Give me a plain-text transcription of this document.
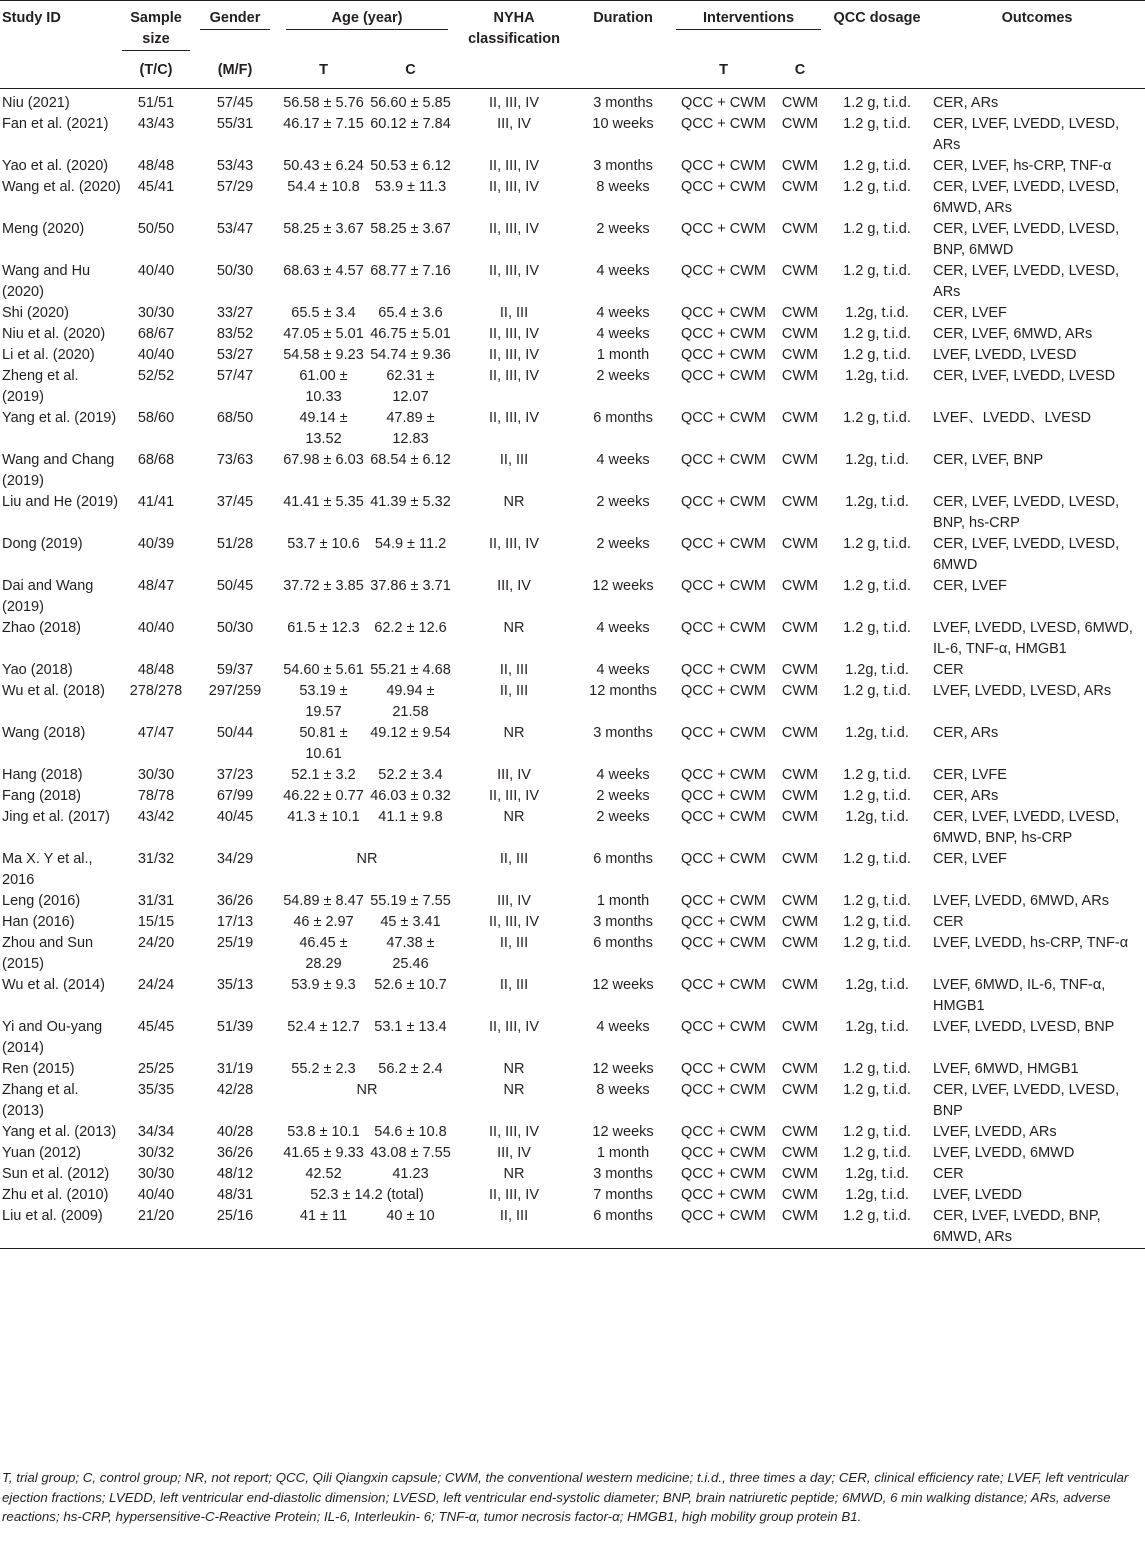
Study ID	Sample size	Gender	Age (year)		NYHA classification	Duration	Interventions		QCC dosage	Outcomes
	(T/C)	(M/F)	T	C			T	C		
Niu (2021)	51/51	57/45	56.58 ± 5.76	56.60 ± 5.85	II, III, IV	3 months	QCC + CWM	CWM	1.2 g, t.i.d.	CER, ARs
Fan et al. (2021)	43/43	55/31	46.17 ± 7.15	60.12 ± 7.84	III, IV	10 weeks	QCC + CWM	CWM	1.2 g, t.i.d.	CER, LVEF, LVEDD, LVESD, ARs
Yao et al. (2020)	48/48	53/43	50.43 ± 6.24	50.53 ± 6.12	II, III, IV	3 months	QCC + CWM	CWM	1.2 g, t.i.d.	CER, LVEF, hs-CRP, TNF-α
Wang et al. (2020)	45/41	57/29	54.4 ± 10.8	53.9 ± 11.3	II, III, IV	8 weeks	QCC + CWM	CWM	1.2 g, t.i.d.	CER, LVEF, LVEDD, LVESD, 6MWD, ARs
Meng (2020)	50/50	53/47	58.25 ± 3.67	58.25 ± 3.67	II, III, IV	2 weeks	QCC + CWM	CWM	1.2 g, t.i.d.	CER, LVEF, LVEDD, LVESD, BNP, 6MWD
Wang and Hu (2020)	40/40	50/30	68.63 ± 4.57	68.77 ± 7.16	II, III, IV	4 weeks	QCC + CWM	CWM	1.2 g, t.i.d.	CER, LVEF, LVEDD, LVESD, ARs
Shi (2020)	30/30	33/27	65.5 ± 3.4	65.4 ± 3.6	II, III	4 weeks	QCC + CWM	CWM	1.2g, t.i.d.	CER, LVEF
Niu et al. (2020)	68/67	83/52	47.05 ± 5.01	46.75 ± 5.01	II, III, IV	4 weeks	QCC + CWM	CWM	1.2 g, t.i.d.	CER, LVEF, 6MWD, ARs
Li et al. (2020)	40/40	53/27	54.58 ± 9.23	54.74 ± 9.36	II, III, IV	1 month	QCC + CWM	CWM	1.2 g, t.i.d.	LVEF, LVEDD, LVESD
Zheng et al. (2019)	52/52	57/47	61.00 ± 10.33	62.31 ± 12.07	II, III, IV	2 weeks	QCC + CWM	CWM	1.2g, t.i.d.	CER, LVEF, LVEDD, LVESD
Yang et al. (2019)	58/60	68/50	49.14 ± 13.52	47.89 ± 12.83	II, III, IV	6 months	QCC + CWM	CWM	1.2 g, t.i.d.	LVEF、LVEDD、LVESD
Wang and Chang (2019)	68/68	73/63	67.98 ± 6.03	68.54 ± 6.12	II, III	4 weeks	QCC + CWM	CWM	1.2g, t.i.d.	CER, LVEF, BNP
Liu and He (2019)	41/41	37/45	41.41 ± 5.35	41.39 ± 5.32	NR	2 weeks	QCC + CWM	CWM	1.2g, t.i.d.	CER, LVEF, LVEDD, LVESD, BNP, hs-CRP
Dong (2019)	40/39	51/28	53.7 ± 10.6	54.9 ± 11.2	II, III, IV	2 weeks	QCC + CWM	CWM	1.2 g, t.i.d.	CER, LVEF, LVEDD, LVESD, 6MWD
Dai and Wang (2019)	48/47	50/45	37.72 ± 3.85	37.86 ± 3.71	III, IV	12 weeks	QCC + CWM	CWM	1.2 g, t.i.d.	CER, LVEF
Zhao (2018)	40/40	50/30	61.5 ± 12.3	62.2 ± 12.6	NR	4 weeks	QCC + CWM	CWM	1.2 g, t.i.d.	LVEF, LVEDD, LVESD, 6MWD, IL-6, TNF-α, HMGB1
Yao (2018)	48/48	59/37	54.60 ± 5.61	55.21 ± 4.68	II, III	4 weeks	QCC + CWM	CWM	1.2g, t.i.d.	CER
Wu et al. (2018)	278/278	297/259	53.19 ± 19.57	49.94 ± 21.58	II, III	12 months	QCC + CWM	CWM	1.2 g, t.i.d.	LVEF, LVEDD, LVESD, ARs
Wang (2018)	47/47	50/44	50.81 ± 10.61	49.12 ± 9.54	NR	3 months	QCC + CWM	CWM	1.2g, t.i.d.	CER, ARs
Hang (2018)	30/30	37/23	52.1 ± 3.2	52.2 ± 3.4	III, IV	4 weeks	QCC + CWM	CWM	1.2 g, t.i.d.	CER, LVFE
Fang (2018)	78/78	67/99	46.22 ± 0.77	46.03 ± 0.32	II, III, IV	2 weeks	QCC + CWM	CWM	1.2 g, t.i.d.	CER, ARs
Jing et al. (2017)	43/42	40/45	41.3 ± 10.1	41.1 ± 9.8	NR	2 weeks	QCC + CWM	CWM	1.2g, t.i.d.	CER, LVEF, LVEDD, LVESD, 6MWD, BNP, hs-CRP
Ma X. Y et al., 2016	31/32	34/29	NR		II, III	6 months	QCC + CWM	CWM	1.2 g, t.i.d.	CER, LVEF
Leng (2016)	31/31	36/26	54.89 ± 8.47	55.19 ± 7.55	III, IV	1 month	QCC + CWM	CWM	1.2 g, t.i.d.	LVEF, LVEDD, 6MWD, ARs
Han (2016)	15/15	17/13	46 ± 2.97	45 ± 3.41	II, III, IV	3 months	QCC + CWM	CWM	1.2 g, t.i.d.	CER
Zhou and Sun (2015)	24/20	25/19	46.45 ± 28.29	47.38 ± 25.46	II, III	6 months	QCC + CWM	CWM	1.2 g, t.i.d.	LVEF, LVEDD, hs-CRP, TNF-α
Wu et al. (2014)	24/24	35/13	53.9 ± 9.3	52.6 ± 10.7	II, III	12 weeks	QCC + CWM	CWM	1.2g, t.i.d.	LVEF, 6MWD, IL-6, TNF-α, HMGB1
Yi and Ou-yang (2014)	45/45	51/39	52.4 ± 12.7	53.1 ± 13.4	II, III, IV	4 weeks	QCC + CWM	CWM	1.2g, t.i.d.	LVEF, LVEDD, LVESD, BNP
Ren (2015)	25/25	31/19	55.2 ± 2.3	56.2 ± 2.4	NR	12 weeks	QCC + CWM	CWM	1.2 g, t.i.d.	LVEF, 6MWD, HMGB1
Zhang et al. (2013)	35/35	42/28	NR		NR	8 weeks	QCC + CWM	CWM	1.2 g, t.i.d.	CER, LVEF, LVEDD, LVESD, BNP
Yang et al. (2013)	34/34	40/28	53.8 ± 10.1	54.6 ± 10.8	II, III, IV	12 weeks	QCC + CWM	CWM	1.2 g, t.i.d.	LVEF, LVEDD, ARs
Yuan (2012)	30/32	36/26	41.65 ± 9.33	43.08 ± 7.55	III, IV	1 month	QCC + CWM	CWM	1.2 g, t.i.d.	LVEF, LVEDD, 6MWD
Sun et al. (2012)	30/30	48/12	42.52	41.23	NR	3 months	QCC + CWM	CWM	1.2g, t.i.d.	CER
Zhu et al. (2010)	40/40	48/31	52.3 ± 14.2 (total)		II, III, IV	7 months	QCC + CWM	CWM	1.2g, t.i.d.	LVEF, LVEDD
Liu et al. (2009)	21/20	25/16	41 ± 11	40 ± 10	II, III	6 months	QCC + CWM	CWM	1.2 g, t.i.d.	CER, LVEF, LVEDD, BNP, 6MWD, ARs
T, trial group; C, control group; NR, not report; QCC, Qili Qiangxin capsule; CWM, the conventional western medicine; t.i.d., three times a day; CER, clinical efficiency rate; LVEF, left ventricular ejection fractions; LVEDD, left ventricular end-diastolic dimension; LVESD, left ventricular end-systolic diameter; BNP, brain natriuretic peptide; 6MWD, 6 min walking distance; ARs, adverse reactions; hs-CRP, hypersensitive-C-Reactive Protein; IL-6, Interleukin- 6; TNF-α, tumor necrosis factor-α; HMGB1, high mobility group protein B1.
